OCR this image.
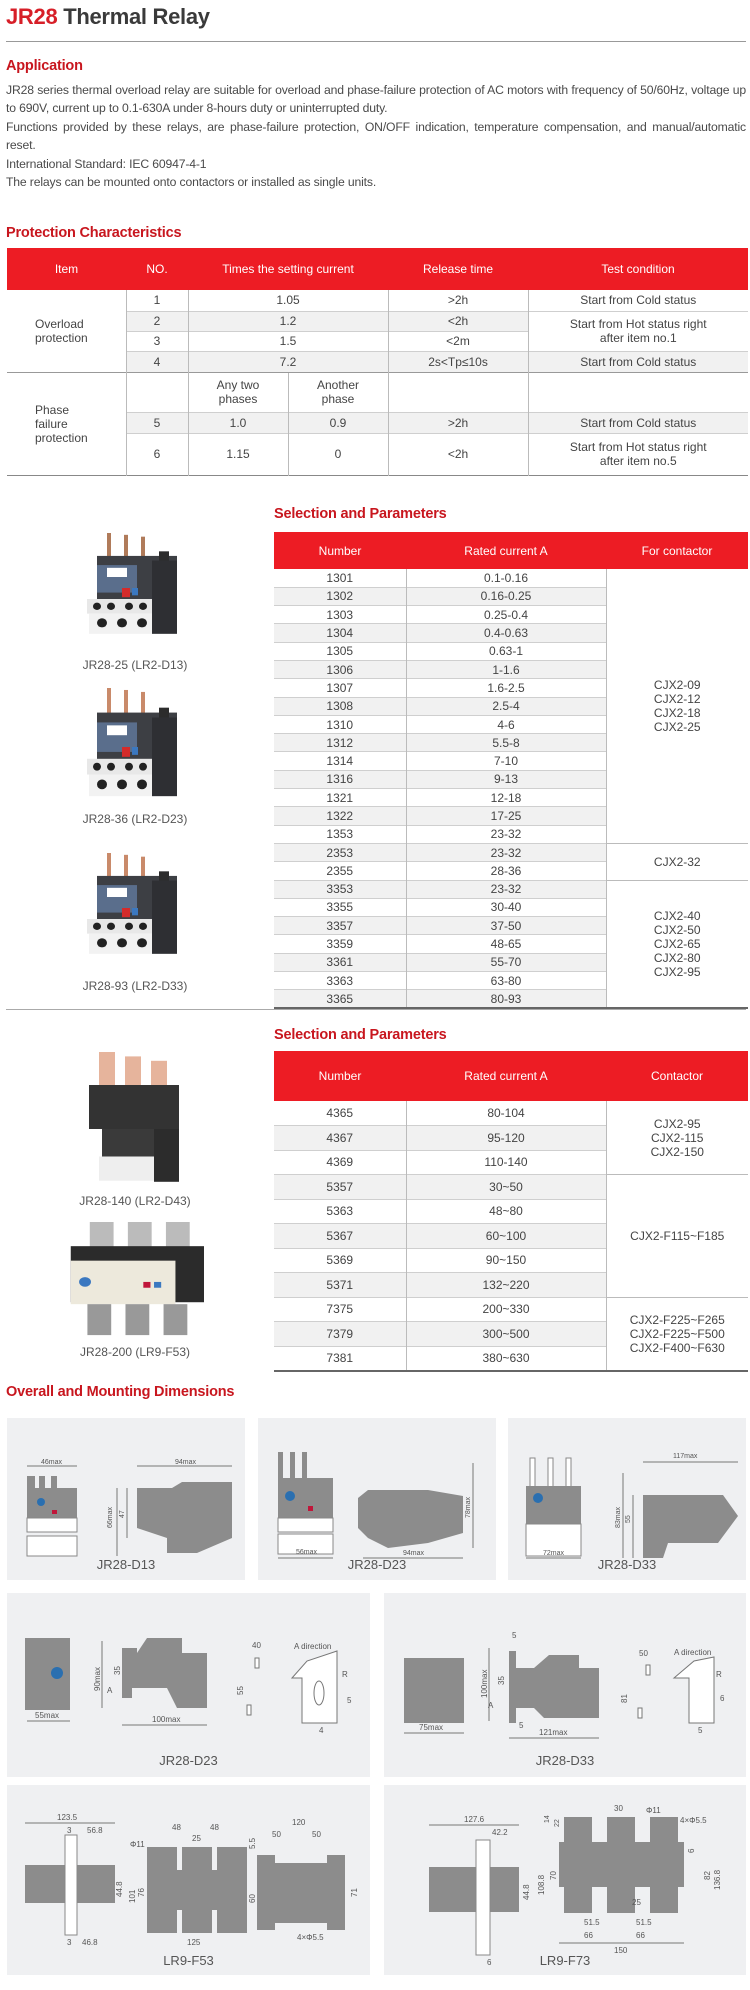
JR28 Thermal Relay
Application

JR28 series thermal overload relay are suitable for overload and phase-failure protection of AC motors with frequency of 50/60Hz, voltage up to 690V, current up to 0.1-630A under 8-hours duty or uninterrupted duty.

Functions provided by these relays, are phase-failure protection, ON/OFF indication, temperature compensation, and manual/automatic reset.

International Standard: IEC 60947-4-1

The relays can be mounted onto contactors or installed as single units.

Protection Characteristics
Item	NO.	Times the setting current		Release time	Test condition
Overload protection	1	1.05		>2h	Start from Cold status
	2	1.2		<2h	Start from Hot status right after item no.1
	3	1.5		<2m	
	4	7.2		2s<Tp≤10s	Start from Cold status
Phase failure protection		Any two phases	Another phase		
	5	1.0	0.9	>2h	Start from Cold status
	6	1.15	0	<2h	Start from Hot status right after item no.5
Selection and Parameters
Number	Rated current A	For contactor
1301	0.1-0.16	CJX2-09
CJX2-12
CJX2-18
CJX2-25

1302	0.16-0.25	
1303	0.25-0.4	
1304	0.4-0.63	
1305	0.63-1	
1306	1-1.6	
1307	1.6-2.5	
1308	2.5-4	
1310	4-6	
1312	5.5-8	
1314	7-10	
1316	9-13	
1321	12-18	
1322	17-25	
1353	23-32	
2353	23-32	CJX2-32

2355	28-36	
3353	23-32	CJX2-40
CJX2-50
CJX2-65
CJX2-80
CJX2-95

3355	30-40	
3357	37-50	
3359	48-65	
3361	55-70	
3363	63-80	
3365	80-93	
JR28-25 (LR2-D13)
JR28-36 (LR2-D23)
JR28-93 (LR2-D33)
Selection and Parameters
Number	Rated current A	Contactor
4365	80-104	CJX2-95
CJX2-115
CJX2-150

4367	95-120	
4369	110-140	
5357	30~50	CJX2-F115~F185

5363	48~80	
5367	60~100	
5369	90~150	
5371	132~220	
7375	200~330	CJX2-F225~F265
CJX2-F225~F500
CJX2-F400~F630

7379	300~500	
7381	380~630	
JR28-140 (LR2-D43)
JR28-200 (LR9-F53)
Overall and Mounting Dimensions
46max	94max
66max 47
JR28-D13
56max	94max
78max
JR28-D23
72max
117max
83max 55
JR28-D33
55max
90max 35
A
100max
40
55
A direction
R
5
4
JR28-D23
75max
5
100max 35
A
5
121max
50
81
A direction
R
6
5
JR28-D33
123.5
3 56.8
44.8
3 46.8
Φ11
48	48
25
101 76
125
120
50	50
5.5
60
71
4×Φ5.5
LR9-F53
127.6
42.2
44.8
6
14
22
30	Φ11
4×Φ5.5
108.8 70
6
82 136.8
25
51.5	51.5
66	66
150
LR9-F73
